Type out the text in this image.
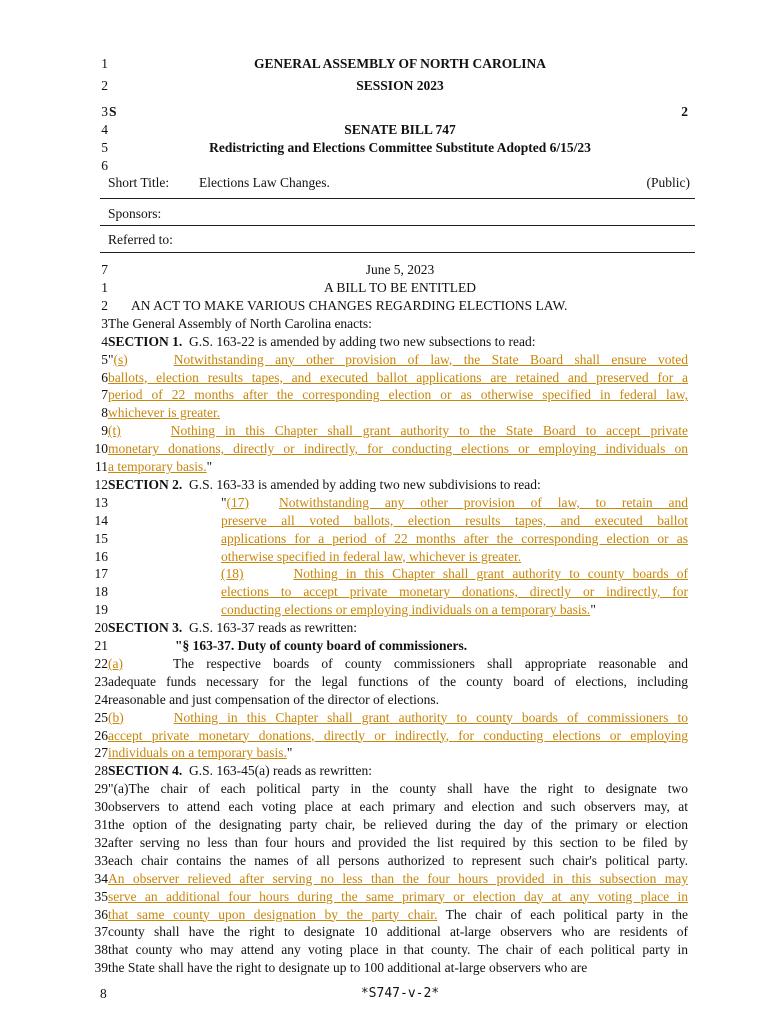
1	GENERAL ASSEMBLY OF NORTH CAROLINA
2	SESSION 2023
3 S	2
4	SENATE BILL 747
5	Redistricting and Elections Committee Substitute Adopted 6/15/23
6
Short Title: Elections Law Changes.	(Public)
Sponsors:
Referred to:
7	June 5, 2023
1	A BILL TO BE ENTITLED
2 AN ACT TO MAKE VARIOUS CHANGES REGARDING ELECTIONS LAW.
3 The General Assembly of North Carolina enacts:
4 SECTION 1. G.S. 163-22 is amended by adding two new subsections to read:
5 "(s)	Notwithstanding any other provision of law, the State Board shall ensure voted
6 ballots, election results tapes, and executed ballot applications are retained and preserved for a
7 period of 22 months after the corresponding election or as otherwise specified in federal law,
8 whichever is greater.
9 (t)	Nothing in this Chapter shall grant authority to the State Board to accept private
10 monetary donations, directly or indirectly, for conducting elections or employing individuals on
11 a temporary basis."
12 SECTION 2. G.S. 163-33 is amended by adding two new subdivisions to read:
13	"(17) Notwithstanding any other provision of law, to retain and
14	preserve all voted ballots, election results tapes, and executed ballot
15	applications for a period of 22 months after the corresponding election or as
16	otherwise specified in federal law, whichever is greater.
17	(18)	Nothing in this Chapter shall grant authority to county boards of
18	elections to accept private monetary donations, directly or indirectly, for
19	conducting elections or employing individuals on a temporary basis."
20 SECTION 3. G.S. 163-37 reads as rewritten:
21	"§ 163-37. Duty of county board of commissioners.
22 (a)	The respective boards of county commissioners shall appropriate reasonable and
23 adequate funds necessary for the legal functions of the county board of elections, including
24 reasonable and just compensation of the director of elections.
25 (b)	Nothing in this Chapter shall grant authority to county boards of commissioners to
26 accept private monetary donations, directly or indirectly, for conducting elections or employing
27 individuals on a temporary basis."
28 SECTION 4. G.S. 163-45(a) reads as rewritten:
29 "(a)The chair of each political party in the county shall have the right to designate two
30 observers to attend each voting place at each primary and election and such observers may, at
31 the option of the designating party chair, be relieved during the day of the primary or election
32 after serving no less than four hours and provided the list required by this section to be filed by
33 each chair contains the names of all persons authorized to represent such chair's political party.
34 An observer relieved after serving no less than the four hours provided in this subsection may
35 serve an additional four hours during the same primary or election day at any voting place in
36 that same county upon designation by the party chair. The chair of each political party in the
37 county shall have the right to designate 10 additional at-large observers who are residents of
38 that county who may attend any voting place in that county. The chair of each political party in
39 the State shall have the right to designate up to 100 additional at-large observers who are
8	*S747-v-2*
